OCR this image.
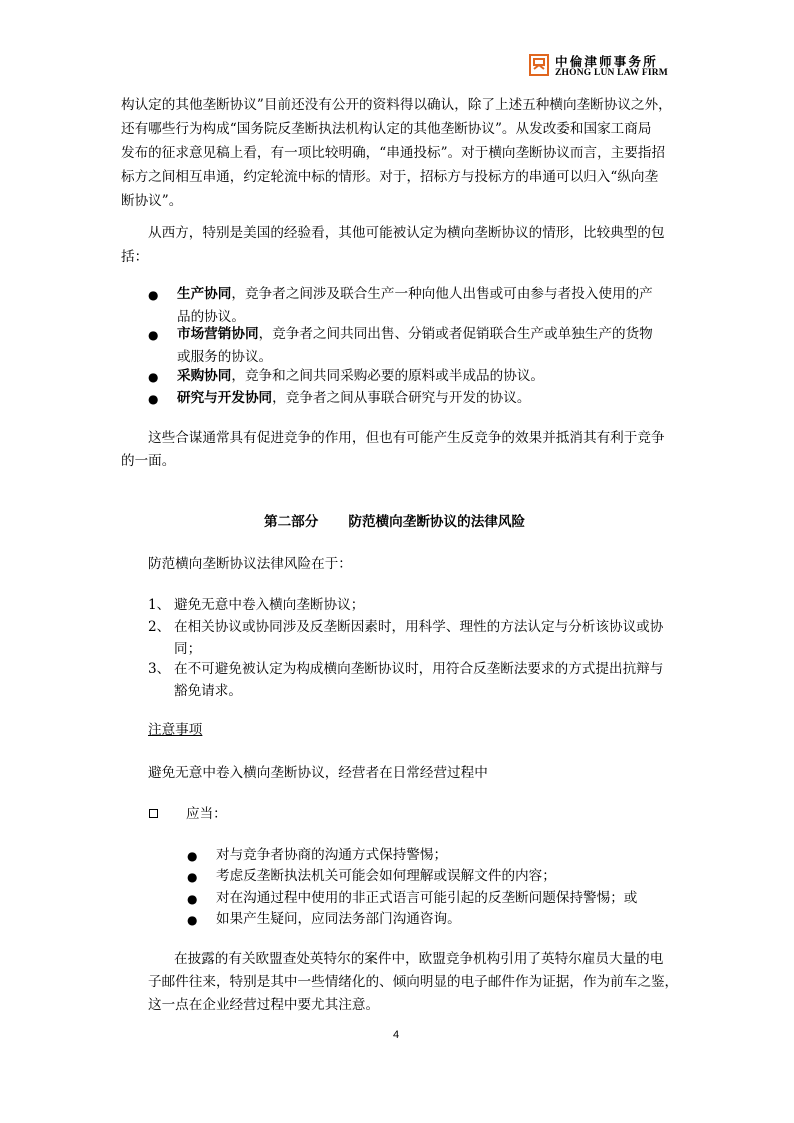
中倫津师事务所
ZHONG LUN LAW FIRM
构认定的其他垄断协议”目前还没有公开的资料得以确认，除了上述五种横向垄断协议之外，
还有哪些行为构成“国务院反垄断执法机构认定的其他垄断协议”。从发改委和国家工商局
发布的征求意见稿上看，有一项比较明确，“串通投标”。对于横向垄断协议而言，主要指招
标方之间相互串通，约定轮流中标的情形。对于，招标方与投标方的串通可以归入“纵向垄
断协议”。
从西方，特别是美国的经验看，其他可能被认定为横向垄断协议的情形，比较典型的包
括：
● 生产协同，竞争者之间涉及联合生产一种向他人出售或可由参与者投入使用的产
品的协议。
● 市场营销协同，竞争者之间共同出售、分销或者促销联合生产或单独生产的货物
或服务的协议。
● 采购协同，竞争和之间共同采购必要的原料或半成品的协议。
● 研究与开发协同，竞争者之间从事联合研究与开发的协议。
这些合谋通常具有促进竞争的作用，但也有可能产生反竞争的效果并抵消其有利于竞争
的一面。
第二部分 防范横向垄断协议的法律风险
防范横向垄断协议法律风险在于：
1、 避免无意中卷入横向垄断协议；
2、 在相关协议或协同涉及反垄断因素时，用科学、理性的方法认定与分析该协议或协
同；
3、 在不可避免被认定为构成横向垄断协议时，用符合反垄断法要求的方式提出抗辩与
豁免请求。
注意事项
避免无意中卷入横向垄断协议，经营者在日常经营过程中
应当：
● 对与竞争者协商的沟通方式保持警惕；
● 考虑反垄断执法机关可能会如何理解或误解文件的内容；
● 对在沟通过程中使用的非正式语言可能引起的反垄断问题保持警惕；或
● 如果产生疑问，应同法务部门沟通咨询。
在披露的有关欧盟查处英特尔的案件中，欧盟竞争机构引用了英特尔雇员大量的电
子邮件往来，特别是其中一些情绪化的、倾向明显的电子邮件作为证据，作为前车之鉴，
这一点在企业经营过程中要尤其注意。
4
